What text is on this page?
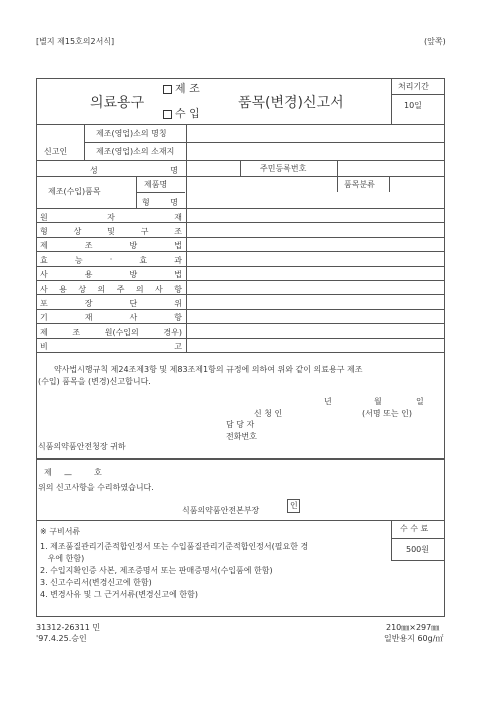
[별지 제15호의2서식]	(앞쪽)
의료용구
제 조
수 입
품목(변경)신고서
처리기간
10일
신고인
제조(영업)소의 명칭
제조(영업)소의 소재지
성	명	주민등록번호
제조(수입)품목
제품명	품목분류
형	명
원	자	재
형	상	및	구	조
제	조	방	법
효	능	·	효	과
사	용	방	법
사 용 상 의 주 의 사 항
포	장	단	위
기	재	사	항
제	조	원(수입의	경우)
비	고
약사법시행규칙 제24조제3항 및 제83조제1항의 규정에 의하여 위와 같이 의료용구 제조
(수입) 품목을 (변경)신고합니다.
년	월	일
신 청 인	(서명 또는 인)
담 당 자
전화번호
식품의약품안전청장 귀하
제 —	호
위의 신고사항을 수리하였습니다.
식품의약품안전본부장
인
※ 구비서류
1. 제조품질관리기준적합인정서 또는 수입품질관리기준적합인정서(필요한 경
우에 한함)
2. 수입지확인증 사본, 제조증명서 또는 판매증명서(수입품에 한함)
3. 신고수리서(변경신고에 한함)
4. 변경사유 및 그 근거서류(변경신고에 한함)
수 수 료
500원
31312-26311 민
'97.4.25.승인
210㎜×297㎜
일반용지 60g/㎡
